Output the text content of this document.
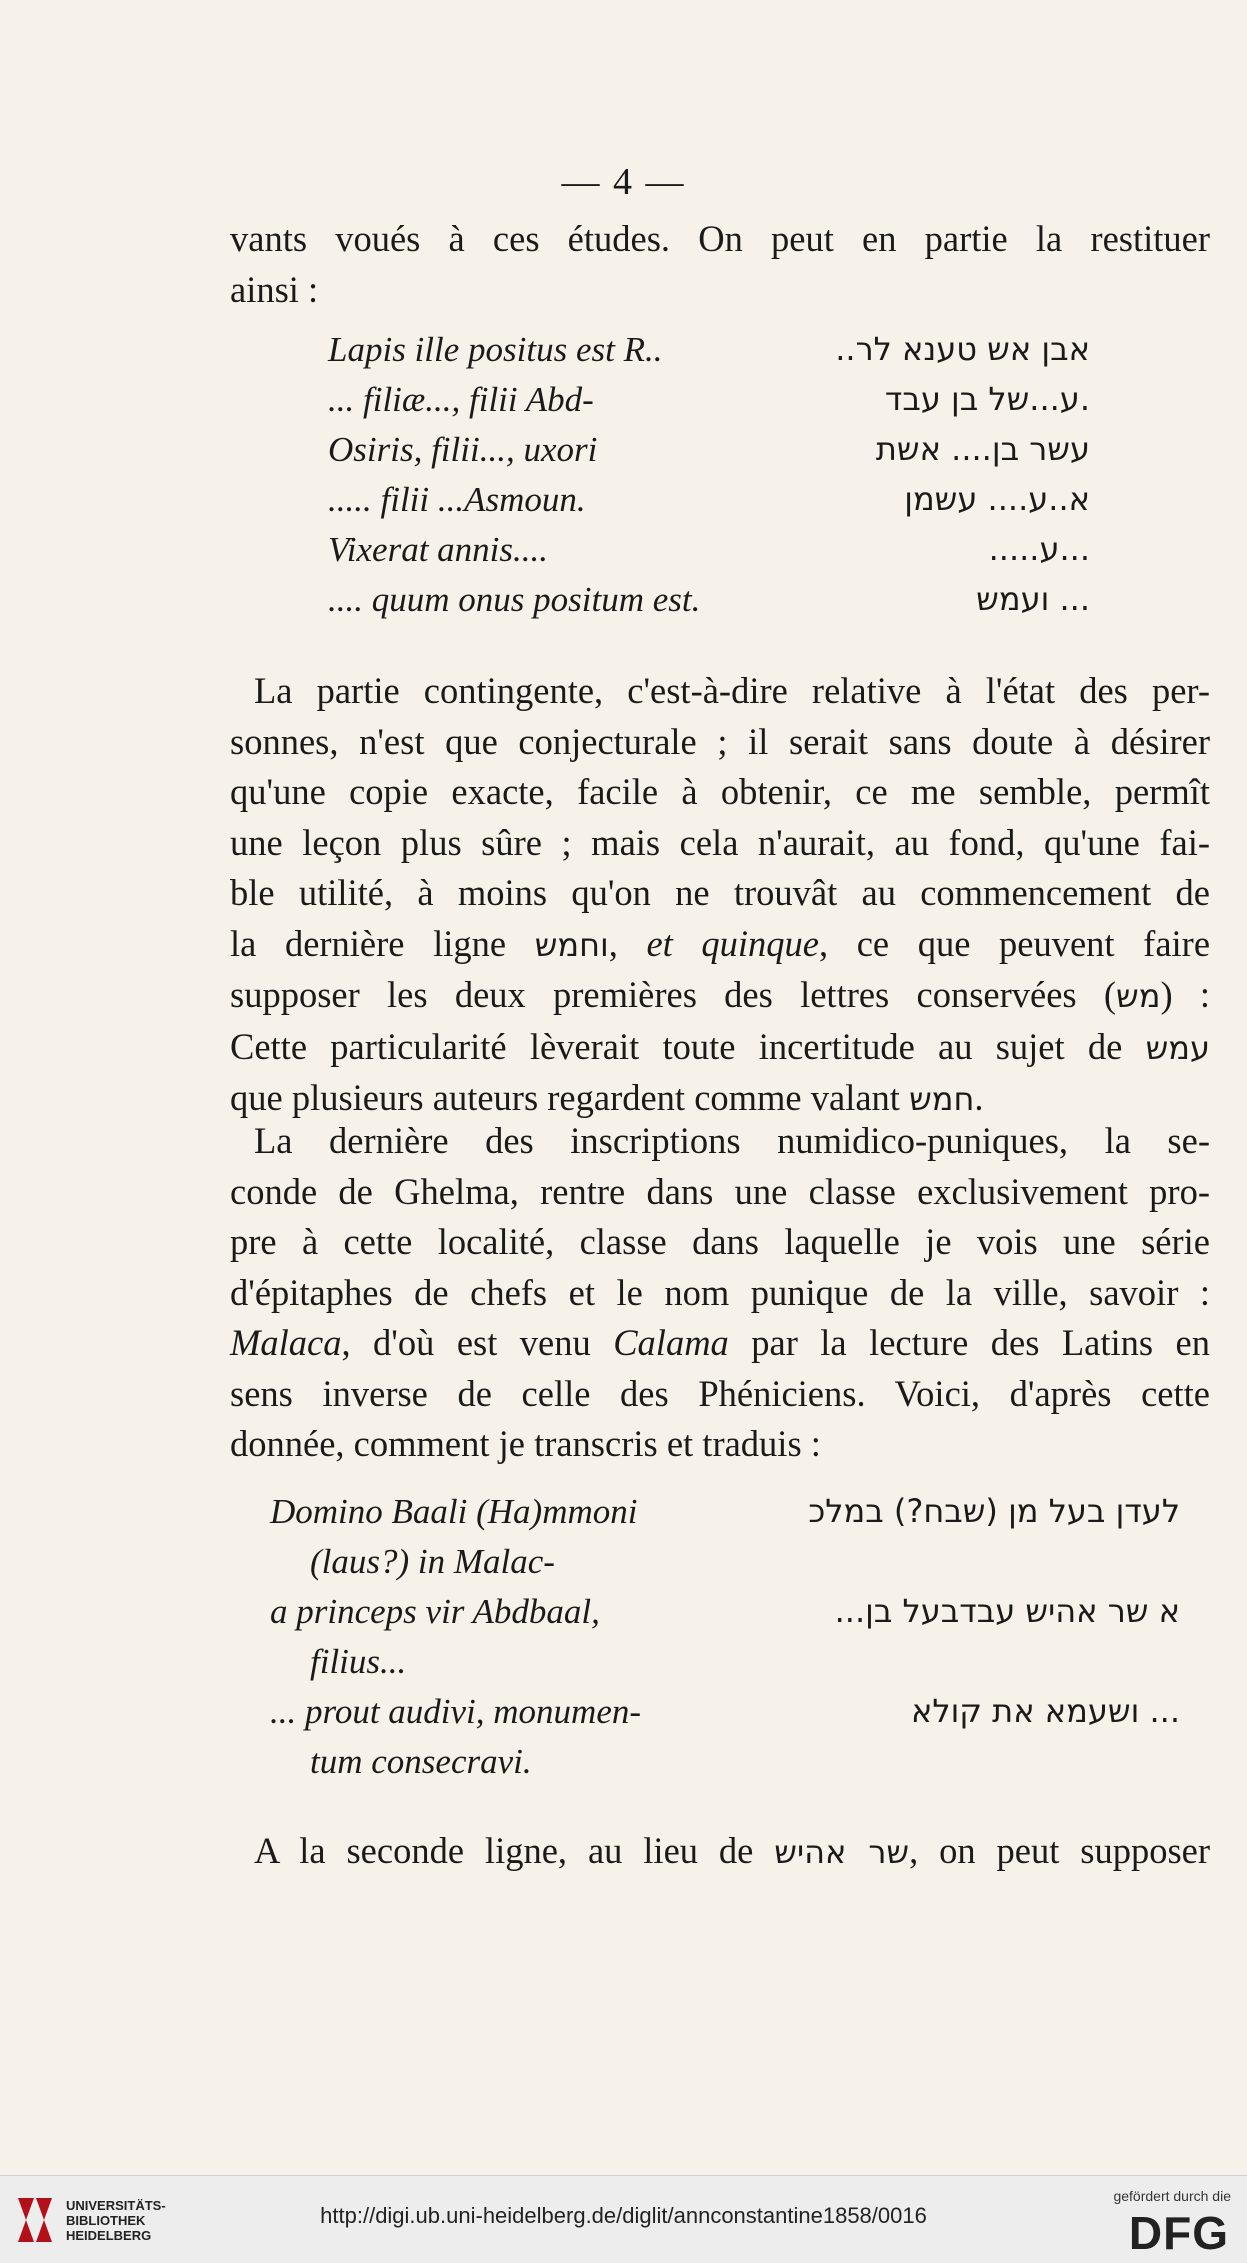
— 4 —

vants voués à ces études. On peut en partie la restituer

ainsi :

Lapis ille positus est R..	אבן אש טענא לר..
... filiæ..., filii Abd-	.ע...של בן עבד
Osiris, filii..., uxori	עשר בן.... אשת
..... filii ...Asmoun.	א..ע.... עשמן
Vixerat annis....	...ע.....
.... quum onus positum est.	... ועמש

La partie contingente, c'est-à-dire relative à l'état des per-

sonnes, n'est que conjecturale ; il serait sans doute à désirer

qu'une copie exacte, facile à obtenir, ce me semble, permît

une leçon plus sûre ; mais cela n'aurait, au fond, qu'une fai-

ble utilité, à moins qu'on ne trouvât au commencement de

la dernière ligne וחמש, et quinque, ce que peuvent faire

supposer les deux premières des lettres conservées (מש) :

Cette particularité lèverait toute incertitude au sujet de עמש

que plusieurs auteurs regardent comme valant חמש.

La dernière des inscriptions numidico-puniques, la se-

conde de Ghelma, rentre dans une classe exclusivement pro-

pre à cette localité, classe dans laquelle je vois une série

d'épitaphes de chefs et le nom punique de la ville, savoir :

Malaca, d'où est venu Calama par la lecture des Latins en

sens inverse de celle des Phéniciens. Voici, d'après cette

donnée, comment je transcris et traduis :

Domino Baali (Ha)mmoni	לעדן בעל מן (שבח?) במלכ
(laus?) in Malac-
a princeps vir Abdbaal,	א שר אהיש עבדבעל בן...
filius...
... prout audivi, monumen-	... ושעמא את קולא
tum consecravi.

A la seconde ligne, au lieu de שר אהיש, on peut supposer

UNIVERSITÄTS-
BIBLIOTHEK
HEIDELBERG
http://digi.ub.uni-heidelberg.de/diglit/annconstantine1858/0016
gefördert durch die
DFG
